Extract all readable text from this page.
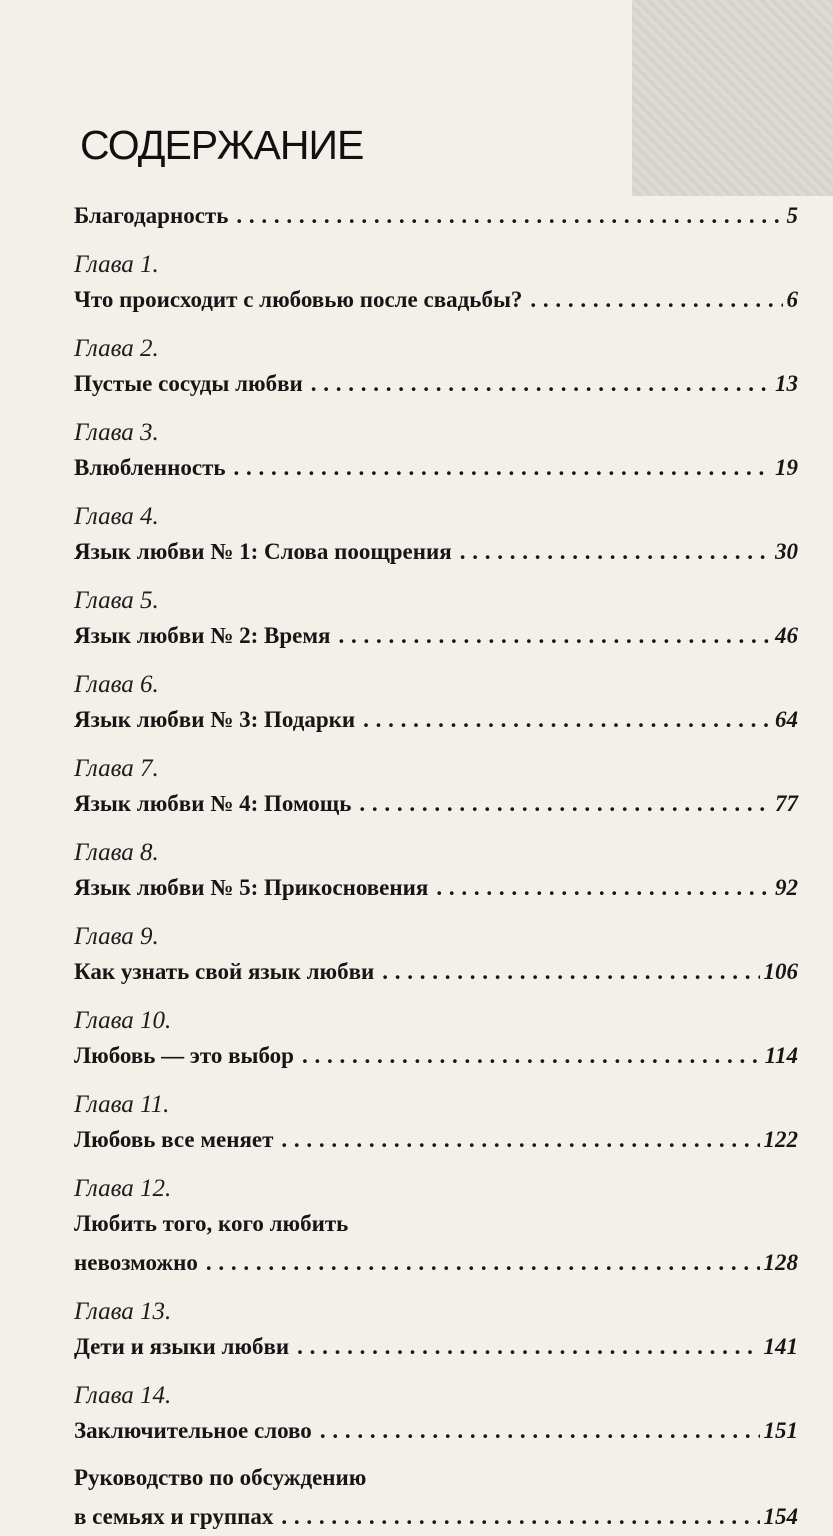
СОДЕРЖАНИЕ
Благодарность . . .	5
Глава 1.
Что происходит с любовью после свадьбы? . . .	6
Глава 2.
Пустые сосуды любви . . .	13
Глава 3.
Влюбленность . . .	19
Глава 4.
Язык любви № 1: Слова поощрения . . .	30
Глава 5.
Язык любви № 2: Время . . .	46
Глава 6.
Язык любви № 3: Подарки . . .	64
Глава 7.
Язык любви № 4: Помощь . . .	77
Глава 8.
Язык любви № 5: Прикосновения . . .	92
Глава 9.
Как узнать свой язык любви . . .	106
Глава 10.
Любовь — это выбор . . .	114
Глава 11.
Любовь все меняет . . .	122
Глава 12.
Любить того, кого любить
невозможно . . .	128
Глава 13.
Дети и языки любви . . .	141
Глава 14.
Заключительное слово . . .	151
Руководство по обсуждению
в семьях и группах . . .	154
